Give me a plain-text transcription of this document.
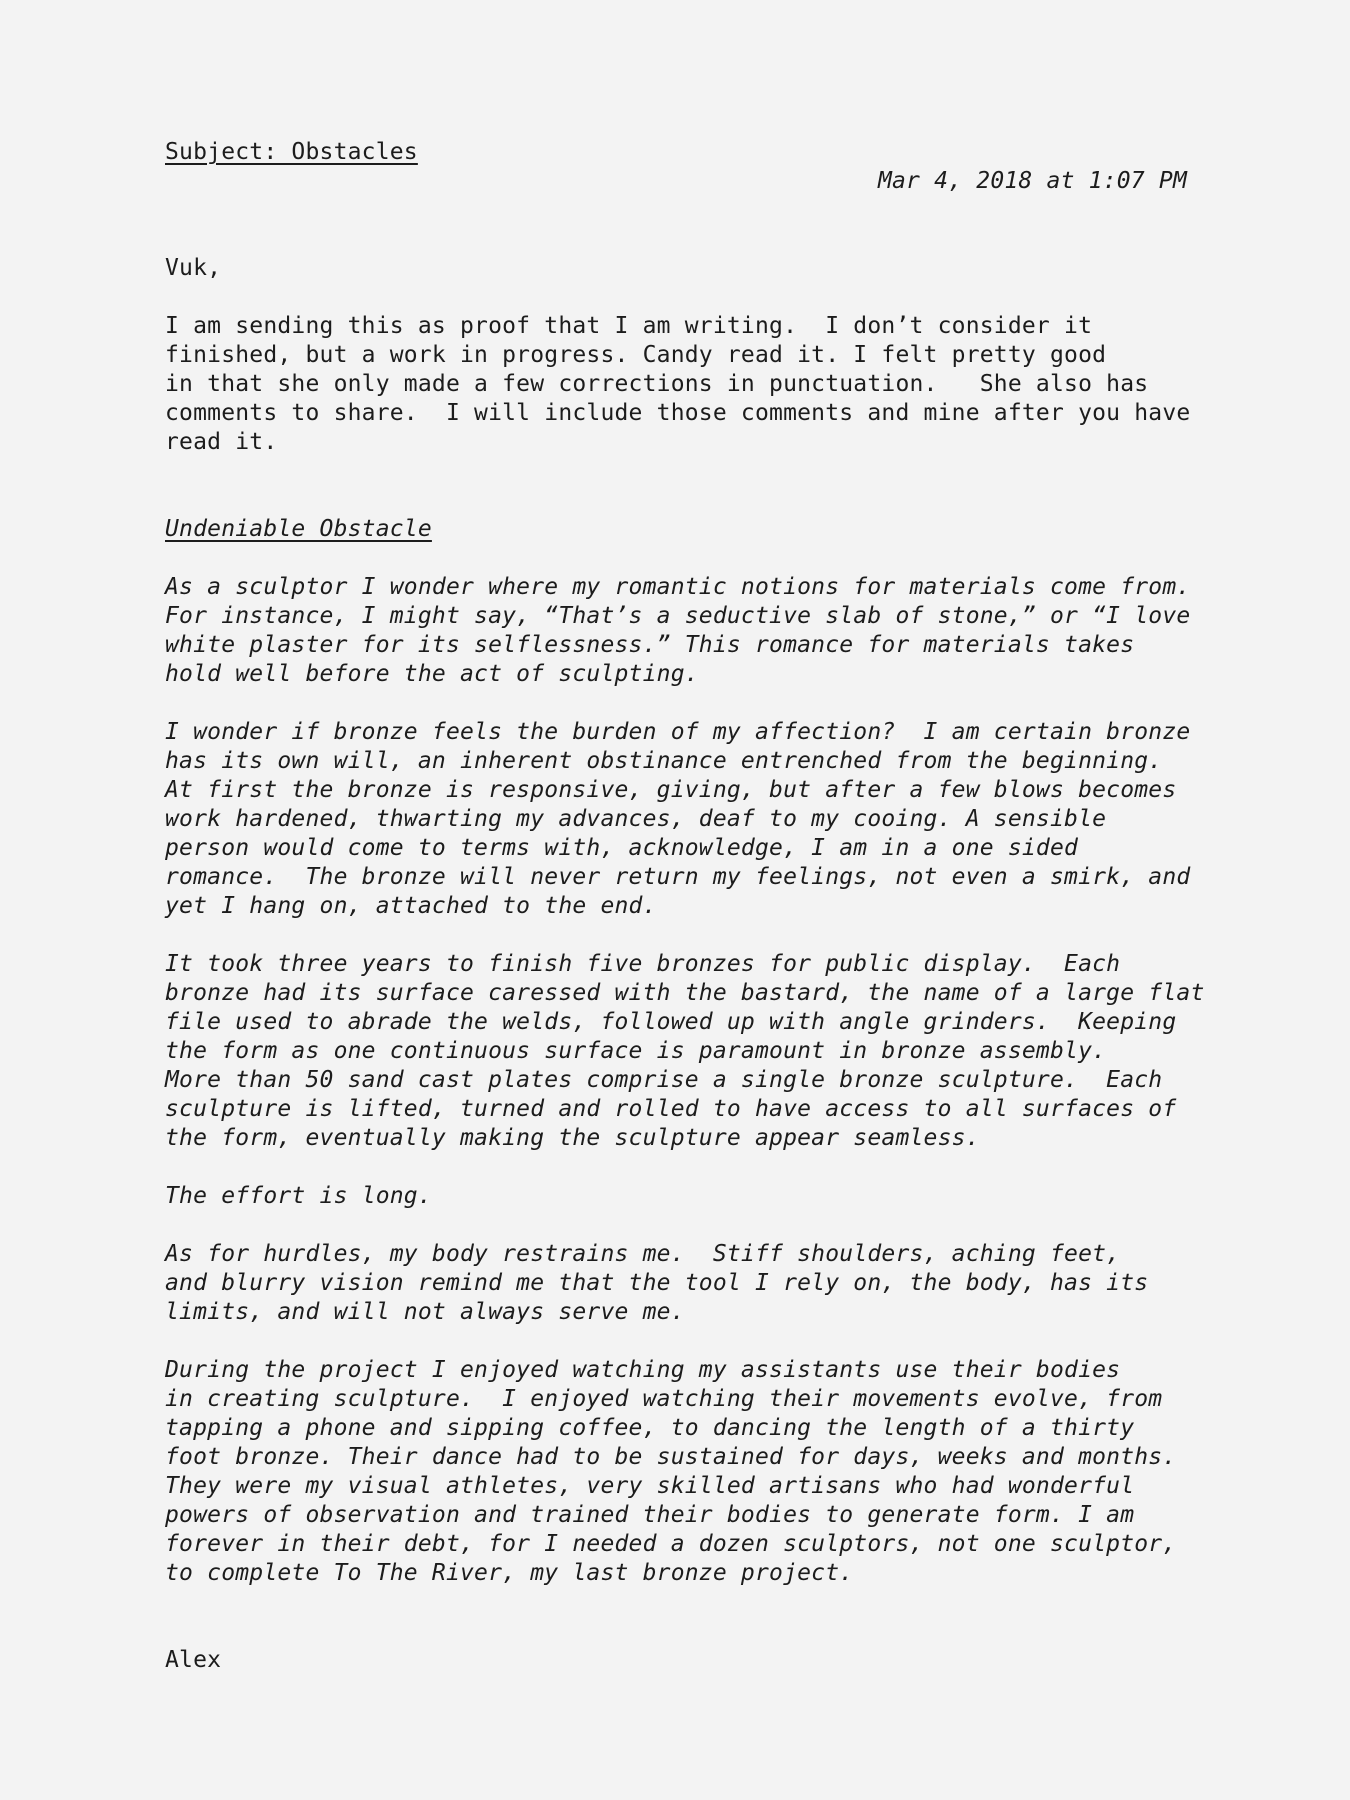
Subject: Obstacles
Mar 4, 2018 at 1:07 PM
Vuk,
I am sending this as proof that I am writing.  I don’t consider it
finished, but a work in progress. Candy read it. I felt pretty good
in that she only made a few corrections in punctuation.   She also has
comments to share.  I will include those comments and mine after you have
read it.
Undeniable Obstacle

As a sculptor I wonder where my romantic notions for materials come from.
For instance, I might say, “That’s a seductive slab of stone,” or “I love
white plaster for its selflessness.” This romance for materials takes
hold well before the act of sculpting.

I wonder if bronze feels the burden of my affection?  I am certain bronze
has its own will, an inherent obstinance entrenched from the beginning.
At first the bronze is responsive, giving, but after a few blows becomes
work hardened, thwarting my advances, deaf to my cooing. A sensible
person would come to terms with, acknowledge, I am in a one sided
romance.  The bronze will never return my feelings, not even a smirk, and
yet I hang on, attached to the end.

It took three years to finish five bronzes for public display.  Each
bronze had its surface caressed with the bastard, the name of a large flat
file used to abrade the welds, followed up with angle grinders.  Keeping
the form as one continuous surface is paramount in bronze assembly.
More than 50 sand cast plates comprise a single bronze sculpture.  Each
sculpture is lifted, turned and rolled to have access to all surfaces of
the form, eventually making the sculpture appear seamless.

The effort is long.

As for hurdles, my body restrains me.  Stiff shoulders, aching feet,
and blurry vision remind me that the tool I rely on, the body, has its
limits, and will not always serve me.

During the project I enjoyed watching my assistants use their bodies
in creating sculpture.  I enjoyed watching their movements evolve, from
tapping a phone and sipping coffee, to dancing the length of a thirty
foot bronze. Their dance had to be sustained for days, weeks and months.
They were my visual athletes, very skilled artisans who had wonderful
powers of observation and trained their bodies to generate form. I am
forever in their debt, for I needed a dozen sculptors, not one sculptor,
to complete To The River, my last bronze project.

Alex
